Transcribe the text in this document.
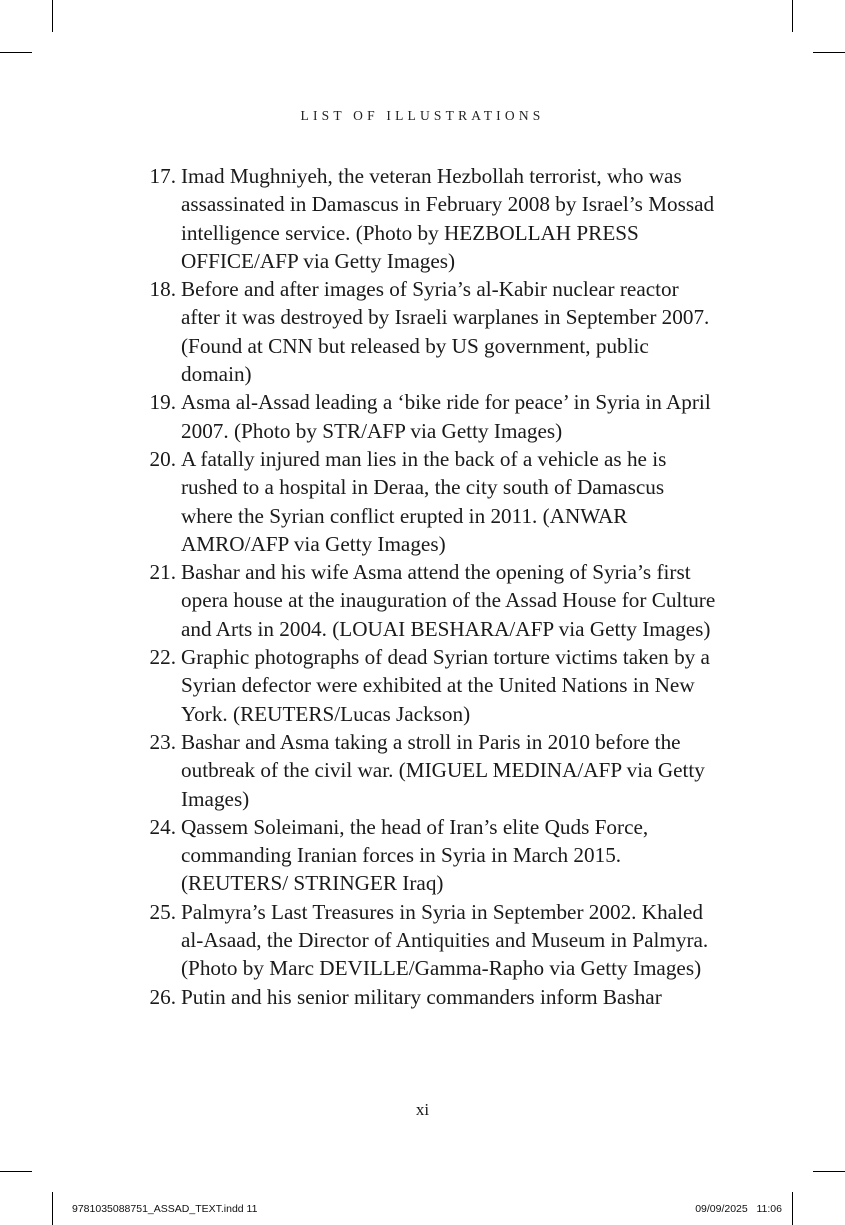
LIST OF ILLUSTRATIONS
17. Imad Mughniyeh, the veteran Hezbollah terrorist, who was assassinated in Damascus in February 2008 by Israel’s Mossad intelligence service. (Photo by HEZBOLLAH PRESS OFFICE/AFP via Getty Images)
18. Before and after images of Syria’s al-Kabir nuclear reactor after it was destroyed by Israeli warplanes in September 2007. (Found at CNN but released by US government, public domain)
19. Asma al-Assad leading a ‘bike ride for peace’ in Syria in April 2007. (Photo by STR/AFP via Getty Images)
20. A fatally injured man lies in the back of a vehicle as he is rushed to a hospital in Deraa, the city south of Damascus where the Syrian conflict erupted in 2011. (ANWAR AMRO/AFP via Getty Images)
21. Bashar and his wife Asma attend the opening of Syria’s first opera house at the inauguration of the Assad House for Culture and Arts in 2004. (LOUAI BESHARA/AFP via Getty Images)
22. Graphic photographs of dead Syrian torture victims taken by a Syrian defector were exhibited at the United Nations in New York. (REUTERS/Lucas Jackson)
23. Bashar and Asma taking a stroll in Paris in 2010 before the outbreak of the civil war. (MIGUEL MEDINA/AFP via Getty Images)
24. Qassem Soleimani, the head of Iran’s elite Quds Force, commanding Iranian forces in Syria in March 2015. (REUTERS/ STRINGER Iraq)
25. Palmyra’s Last Treasures in Syria in September 2002. Khaled al-Asaad, the Director of Antiquities and Museum in Palmyra. (Photo by Marc DEVILLE/Gamma-Rapho via Getty Images)
26. Putin and his senior military commanders inform Bashar
xi
9781035088751_ASSAD_TEXT.indd 11	09/09/2025   11:06
